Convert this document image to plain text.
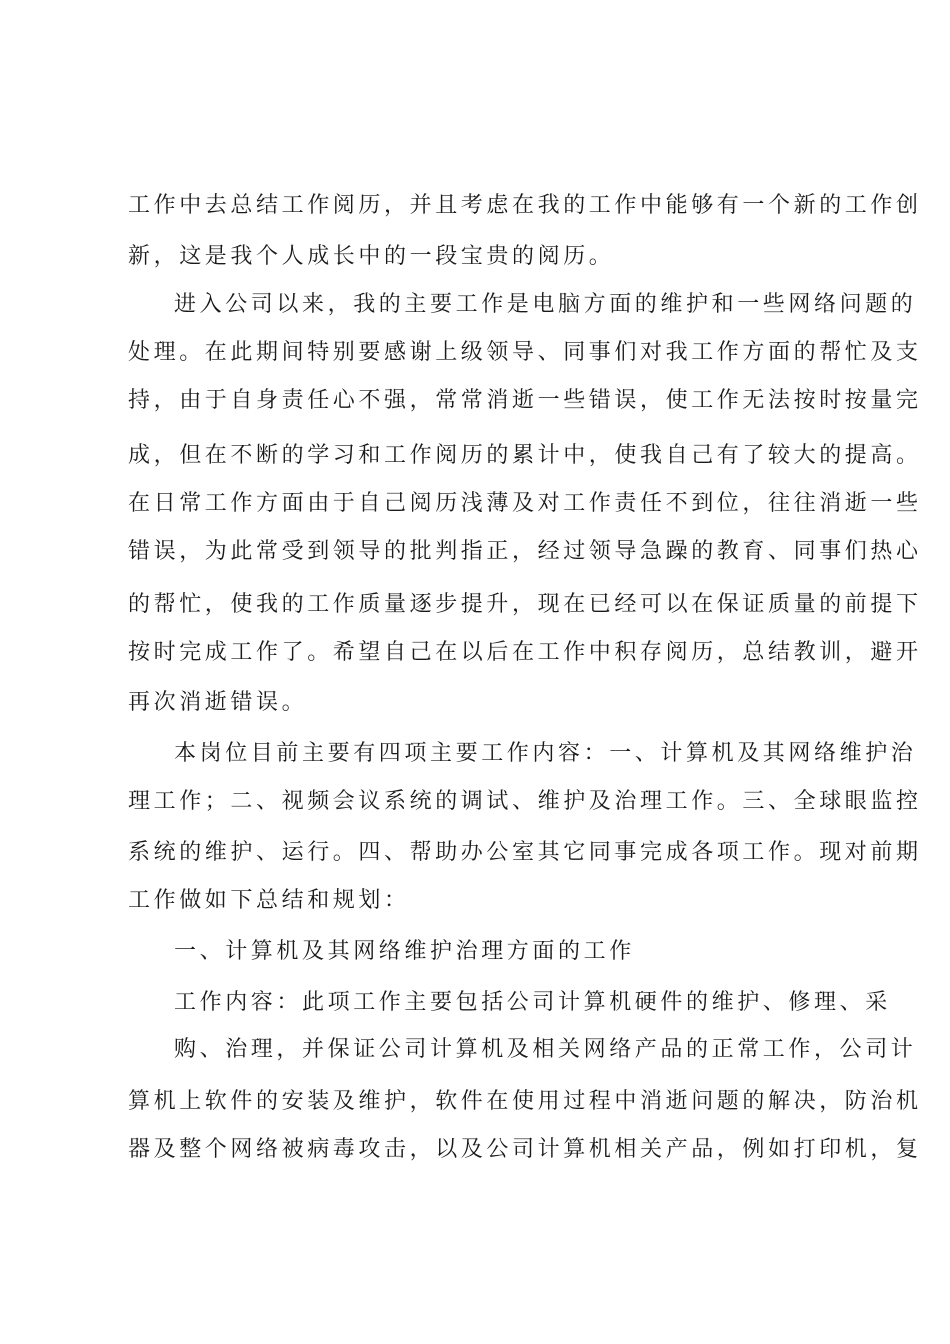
工作中去总结工作阅历，并且考虑在我的工作中能够有一个新的工作创
新，这是我个人成长中的一段宝贵的阅历。
进入公司以来，我的主要工作是电脑方面的维护和一些网络问题的
处理。在此期间特别要感谢上级领导、同事们对我工作方面的帮忙及支
持，由于自身责任心不强，常常消逝一些错误，使工作无法按时按量完
成，但在不断的学习和工作阅历的累计中，使我自己有了较大的提高。
在日常工作方面由于自己阅历浅薄及对工作责任不到位，往往消逝一些
错误，为此常受到领导的批判指正，经过领导急躁的教育、同事们热心
的帮忙，使我的工作质量逐步提升，现在已经可以在保证质量的前提下
按时完成工作了。希望自己在以后在工作中积存阅历，总结教训，避开
再次消逝错误。
本岗位目前主要有四项主要工作内容：一、计算机及其网络维护治
理工作；二、视频会议系统的调试、维护及治理工作。三、全球眼监控
系统的维护、运行。四、帮助办公室其它同事完成各项工作。现对前期
工作做如下总结和规划：
一、计算机及其网络维护治理方面的工作
工作内容：此项工作主要包括公司计算机硬件的维护、修理、采
购、治理，并保证公司计算机及相关网络产品的正常工作，公司计
算机上软件的安装及维护，软件在使用过程中消逝问题的解决，防治机
器及整个网络被病毒攻击，以及公司计算机相关产品，例如打印机，复
